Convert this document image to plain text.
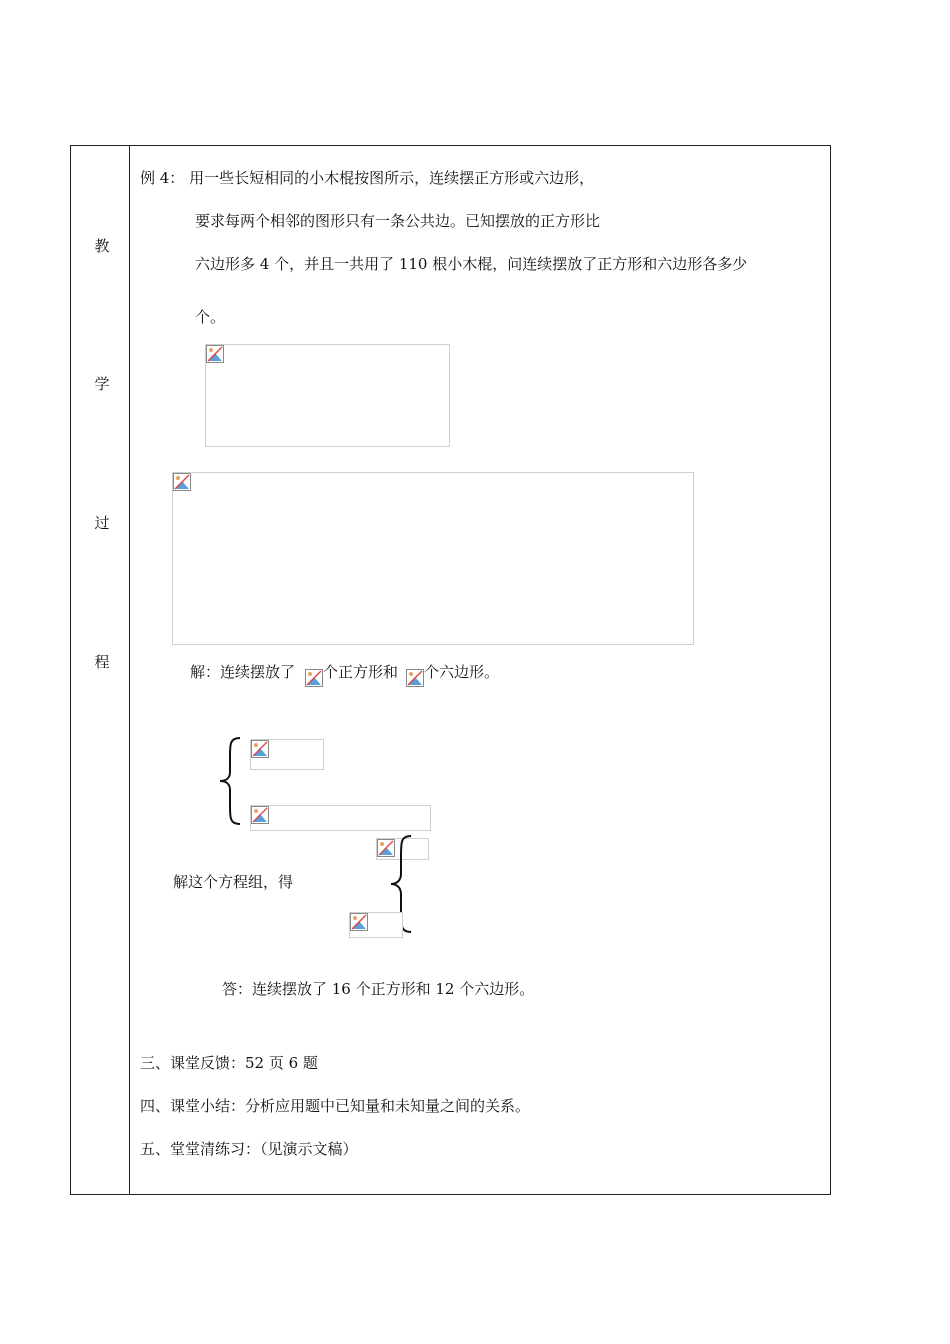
教
学
过
程
例 4： 用一些长短相同的小木棍按图所示，连续摆正方形或六边形，
要求每两个相邻的图形只有一条公共边。已知摆放的正方形比
六边形多 4 个，并且一共用了 110 根小木棍，问连续摆放了正方形和六边形各多少
个。
解：连续摆放了 个正方形和 个六边形。
解这个方程组，得
答：连续摆放了 16 个正方形和 12 个六边形。
三、课堂反馈：52 页 6 题
四、课堂小结：分析应用题中已知量和未知量之间的关系。
五、堂堂清练习：（见演示文稿）
